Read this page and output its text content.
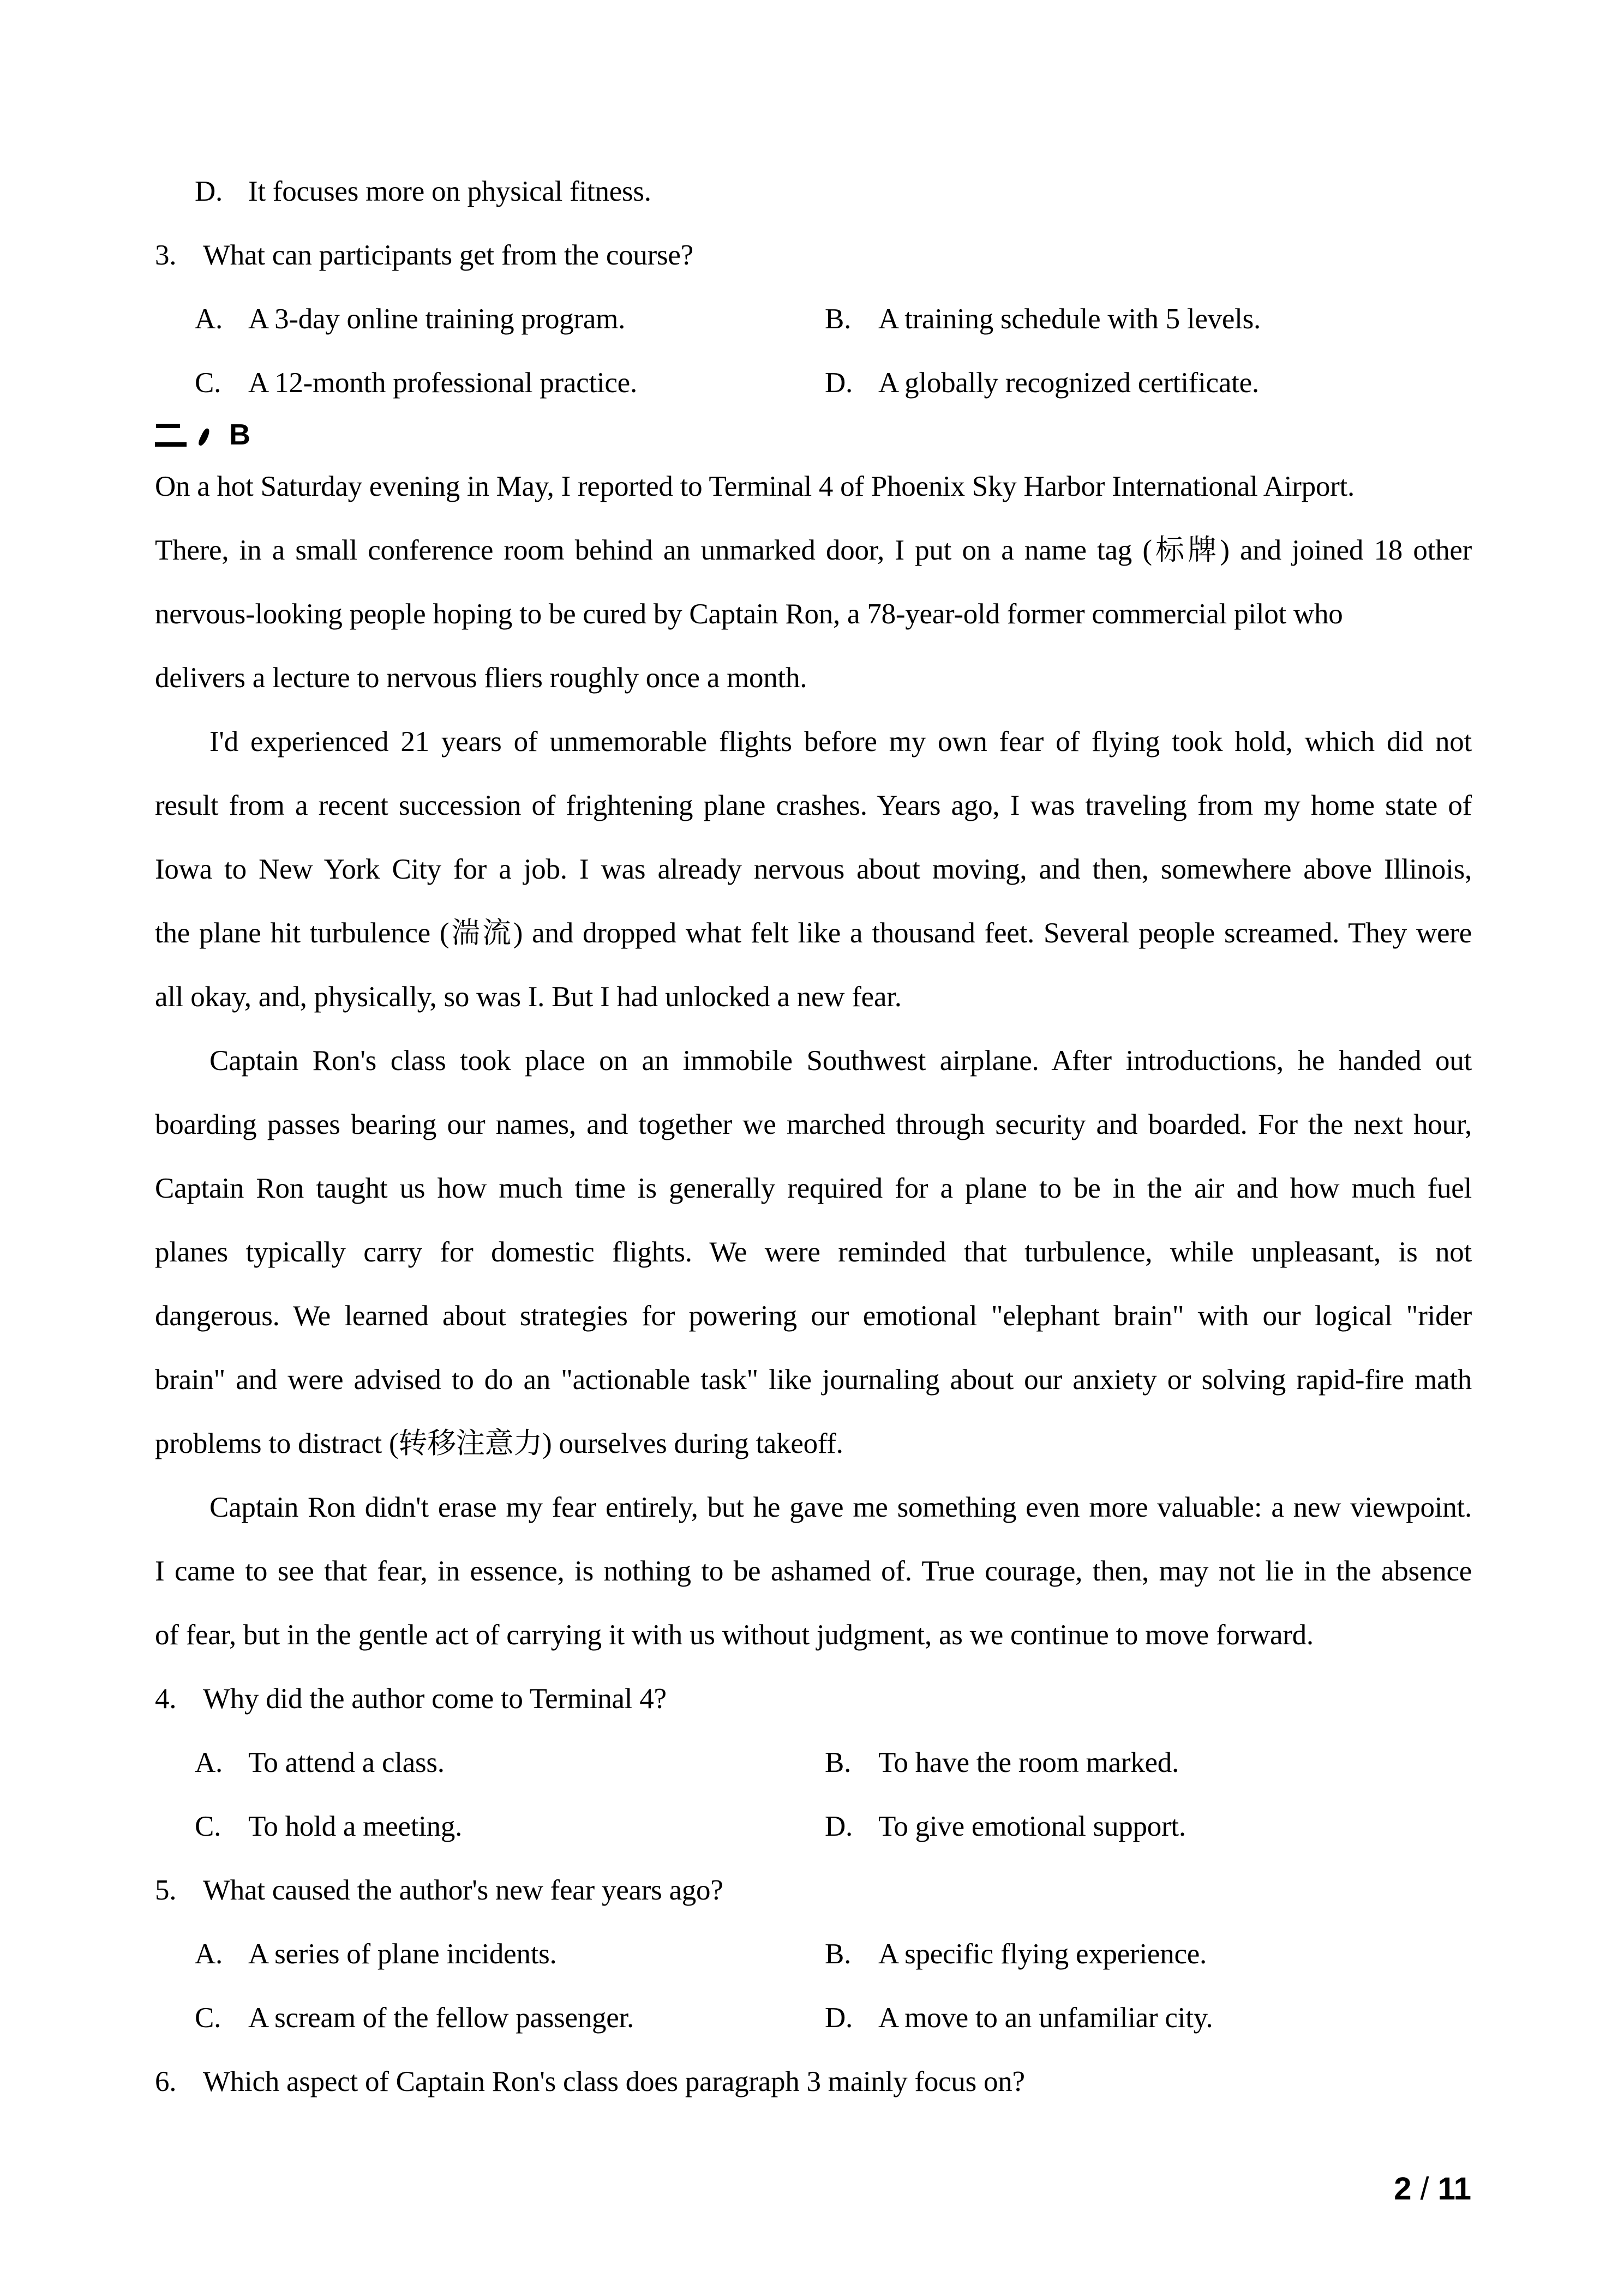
D. It focuses more on physical fitness.
3. What can participants get from the course?
A. A 3-day online training program.	B. A training schedule with 5 levels.
C. A 12-month professional practice.	D. A globally recognized certificate.
B
On a hot Saturday evening in May, I reported to Terminal 4 of Phoenix Sky Harbor International Airport.
There, in a small conference room behind an unmarked door, I put on a name tag (标牌) and joined 18 other
nervous-looking people hoping to be cured by Captain Ron, a 78-year-old former commercial pilot who
delivers a lecture to nervous fliers roughly once a month.
I'd experienced 21 years of unmemorable flights before my own fear of flying took hold, which did not
result from a recent succession of frightening plane crashes. Years ago, I was traveling from my home state of
Iowa to New York City for a job. I was already nervous about moving, and then, somewhere above Illinois,
the plane hit turbulence (湍流) and dropped what felt like a thousand feet. Several people screamed. They were
all okay, and, physically, so was I. But I had unlocked a new fear.
Captain Ron's class took place on an immobile Southwest airplane. After introductions, he handed out
boarding passes bearing our names, and together we marched through security and boarded. For the next hour,
Captain Ron taught us how much time is generally required for a plane to be in the air and how much fuel
planes typically carry for domestic flights. We were reminded that turbulence, while unpleasant, is not
dangerous. We learned about strategies for powering our emotional "elephant brain" with our logical "rider
brain" and were advised to do an "actionable task" like journaling about our anxiety or solving rapid-fire math
problems to distract (转移注意力) ourselves during takeoff.
Captain Ron didn't erase my fear entirely, but he gave me something even more valuable: a new viewpoint.
I came to see that fear, in essence, is nothing to be ashamed of. True courage, then, may not lie in the absence
of fear, but in the gentle act of carrying it with us without judgment, as we continue to move forward.
4. Why did the author come to Terminal 4?
A. To attend a class.	B. To have the room marked.
C. To hold a meeting.	D. To give emotional support.
5. What caused the author's new fear years ago?
A. A series of plane incidents.	B. A specific flying experience.
C. A scream of the fellow passenger.	D. A move to an unfamiliar city.
6. Which aspect of Captain Ron's class does paragraph 3 mainly focus on?

2 / 11
